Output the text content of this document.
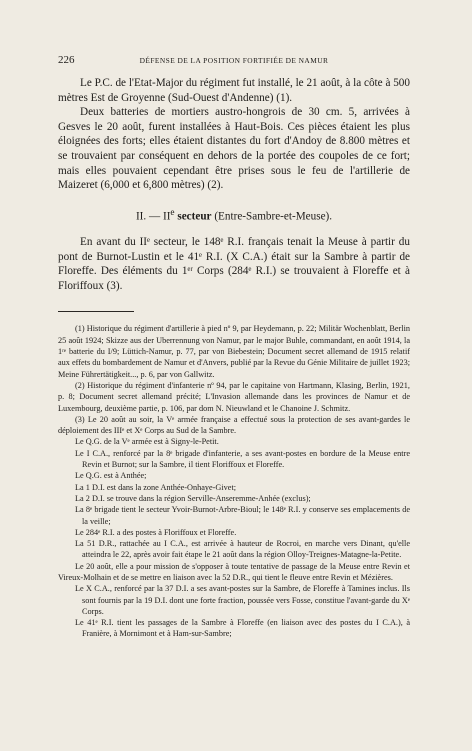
226	DÉFENSE DE LA POSITION FORTIFIÉE DE NAMUR

Le P.C. de l'Etat-Major du régiment fut installé, le 21 août, à la côte à 500 mètres Est de Groyenne (Sud-Ouest d'Andenne) (1).

Deux batteries de mortiers austro-hongrois de 30 cm. 5, arrivées à Gesves le 20 août, furent installées à Haut-Bois. Ces pièces étaient les plus éloignées des forts; elles étaient distantes du fort d'Andoy de 8.800 mètres et se trouvaient par conséquent en dehors de la portée des coupoles de ce fort; mais elles pouvaient cependant être prises sous le feu de l'artillerie de Maizeret (6,000 et 6,800 mètres) (2).

II. — IIe secteur (Entre-Sambre-et-Meuse).

En avant du IIᵉ secteur, le 148ᵉ R.I. français tenait la Meuse à partir du pont de Burnot-Lustin et le 41ᵉ R.I. (X C.A.) était sur la Sambre à partir de Floreffe. Des éléments du 1ᵉʳ Corps (284ᵉ R.I.) se trouvaient à Floreffe et à Floriffoux (3).

(1) Historique du régiment d'artillerie à pied nº 9, par Heydemann, p. 22; Militär Wochenblatt, Berlin 25 août 1924; Skizze aus der Uberrennung von Namur, par le major Buhle, commandant, en août 1914, la 1ʳᵉ batterie du I/9; Lüttich-Namur, p. 77, par von Biebestein; Document secret allemand de 1915 relatif aux effets du bombardement de Namur et d'Anvers, publié par la Revue du Génie Militaire de juillet 1923; Meine Führertätigkeit..., p. 6, par von Gallwitz.

(2) Historique du régiment d'infanterie nº 94, par le capitaine von Hartmann, Klasing, Berlin, 1921, p. 8; Document secret allemand précité; L'Invasion allemande dans les provinces de Namur et de Luxembourg, deuxième partie, p. 106, par dom N. Nieuwland et le Chanoine J. Schmitz.

(3) Le 20 août au soir, la Vᵉ armée française a effectué sous la protection de ses avant-gardes le déploiement des IIIᵉ et Xᵉ Corps au Sud de la Sambre.

Le Q.G. de la Vᵉ armée est à Signy-le-Petit.

Le I C.A., renforcé par la 8ᵉ brigade d'infanterie, a ses avant-postes en bordure de la Meuse entre Revin et Burnot; sur la Sambre, il tient Floriffoux et Floreffe.

Le Q.G. est à Anthée;

La 1 D.I. est dans la zone Anthée-Onhaye-Givet;

La 2 D.I. se trouve dans la région Serville-Anseremme-Anhée (exclus);

La 8ᵉ brigade tient le secteur Yvoir-Burnot-Arbre-Bioul; le 148ᵉ R.I. y conserve ses emplacements de la veille;

Le 284ᵉ R.I. a des postes à Floriffoux et Floreffe.

La 51 D.R., rattachée au I C.A., est arrivée à hauteur de Rocroi, en marche vers Dinant, qu'elle atteindra le 22, après avoir fait étape le 21 août dans la région Olloy-Treignes-Matagne-la-Petite.

Le 20 août, elle a pour mission de s'opposer à toute tentative de passage de la Meuse entre Revin et Vireux-Molhain et de se mettre en liaison avec la 52 D.R., qui tient le fleuve entre Revin et Mézières.

Le X C.A., renforcé par la 37 D.I. a ses avant-postes sur la Sambre, de Floreffe à Tamines inclus. Ils sont fournis par la 19 D.I. dont une forte fraction, poussée vers Fosse, constitue l'avant-garde du Xᵉ Corps.

Le 41ᵉ R.I. tient les passages de la Sambre à Floreffe (en liaison avec des postes du I C.A.), à Franière, à Mornimont et à Ham-sur-Sambre;
